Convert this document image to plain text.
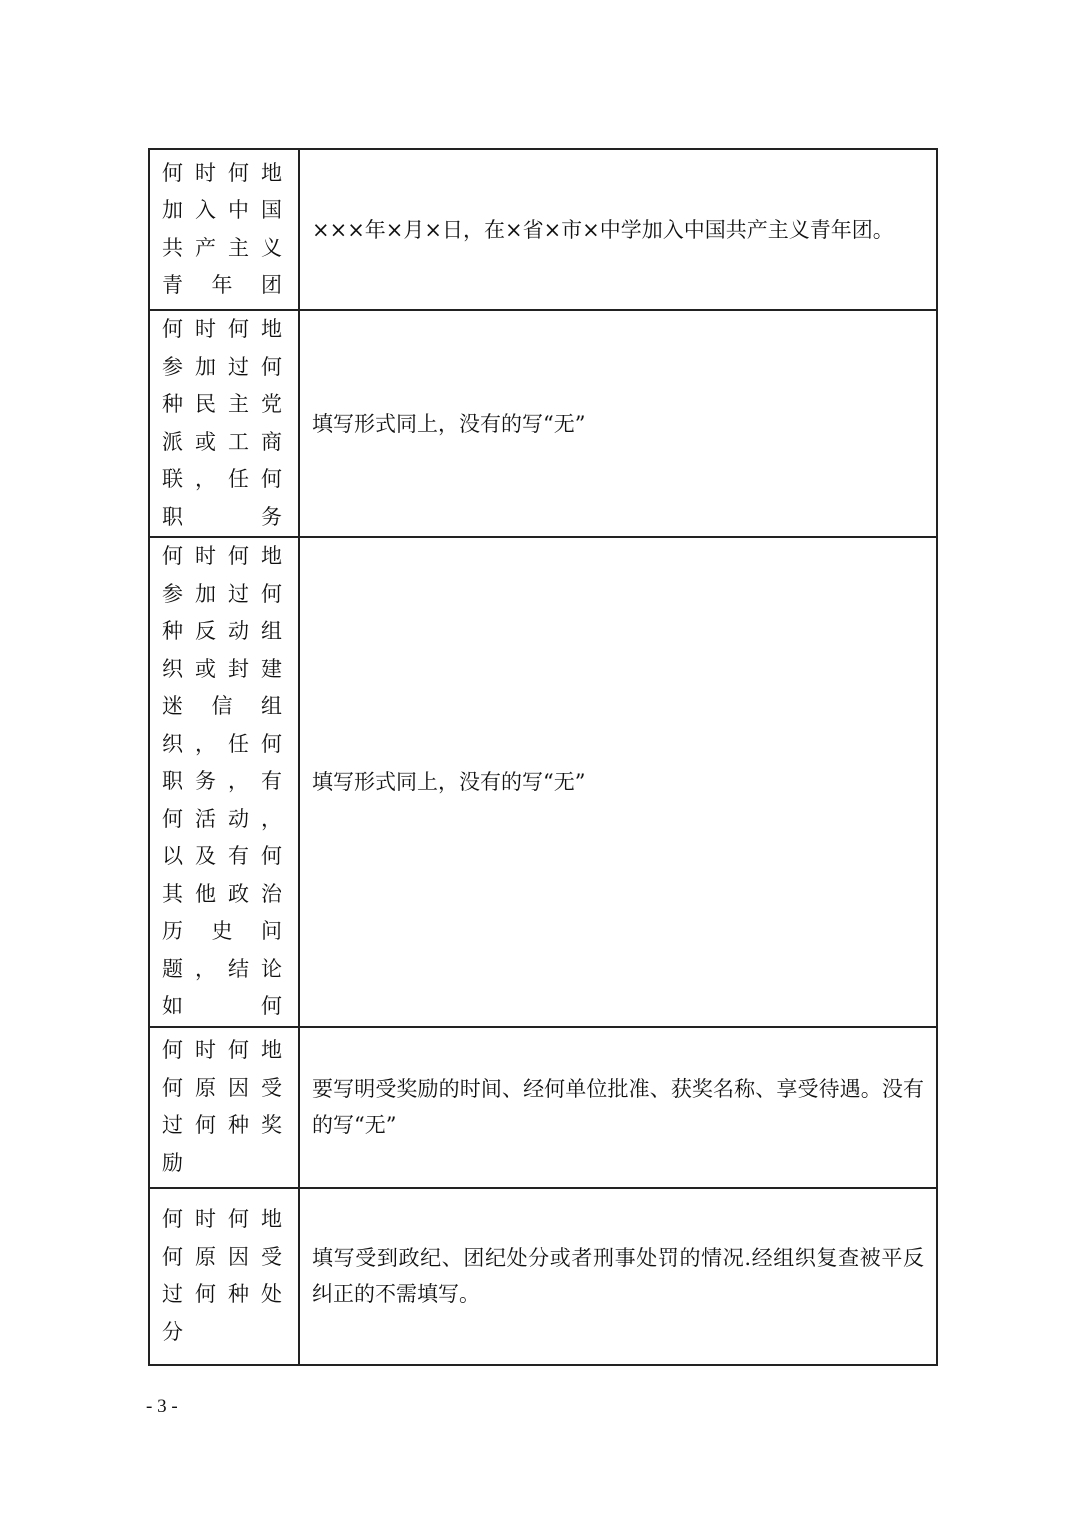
何时何地加入中国共产主义青年团	×××年×月×日，在×省×市×中学加入中国共产主义青年团。
何时何地参加过何种民主党派或工商联，任何职务	填写形式同上，没有的写“无”
何时何地参加过何种反动组织或封建迷信组织，任何职务，有何活动，以及有何其他政治历史问题，结论如何	填写形式同上，没有的写“无”
何时何地何原因受过何种奖励	要写明受奖励的时间、经何单位批准、获奖名称、享受待遇。没有的写“无”
何时何地何原因受过何种处分	填写受到政纪、团纪处分或者刑事处罚的情况.经组织复查被平反纠正的不需填写。
- 3 -
